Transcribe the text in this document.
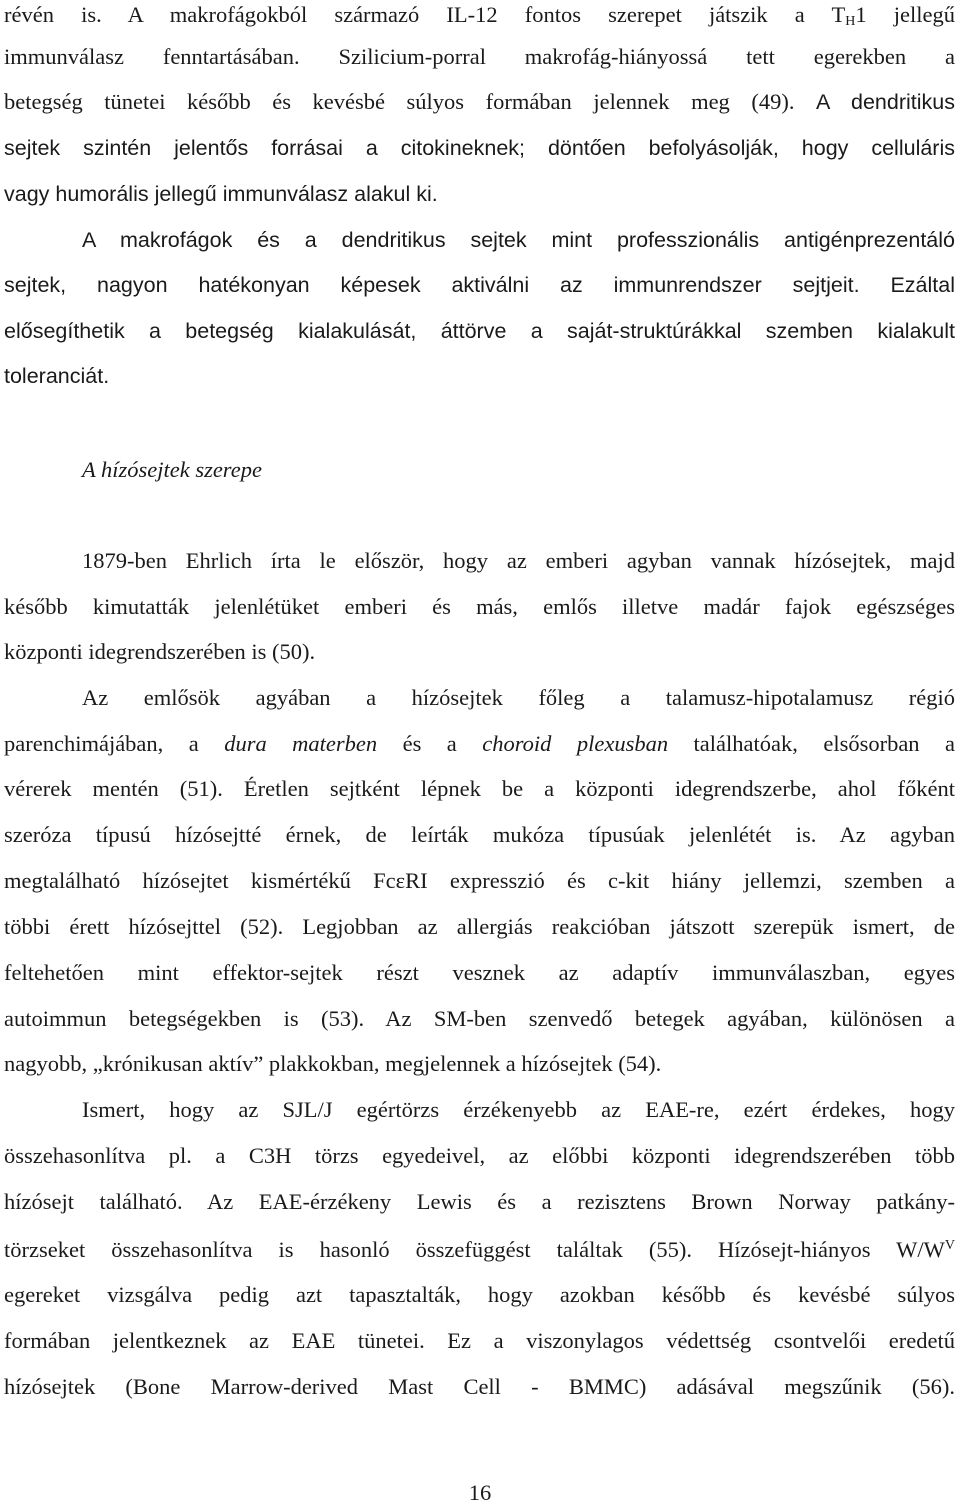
révén is. A makrofágokból származó IL-12 fontos szerepet játszik a $T_H1$ jellegű
immunválasz fenntartásában. Szilicium-porral makrofág-hiányossá tett egerekben a
betegség tünetei később és kevésbé súlyos formában jelennek meg (49). A dendritikus
sejtek szintén jelentős forrásai a citokineknek; döntően befolyásolják, hogy celluláris
vagy humorális jellegű immunválasz alakul ki.
A makrofágok és a dendritikus sejtek mint professzionális antigénprezentáló
sejtek, nagyon hatékonyan képesek aktiválni az immunrendszer sejtjeit. Ezáltal
elősegíthetik a betegség kialakulását, áttörve a saját-struktúrákkal szemben kialakult
toleranciát.
A hízósejtek szerepe
1879-ben Ehrlich írta le először, hogy az emberi agyban vannak hízósejtek, majd
később kimutatták jelenlétüket emberi és más, emlős illetve madár fajok egészséges
központi idegrendszerében is (50).
Az emlősök agyában a hízósejtek főleg a talamusz-hipotalamusz régió
parenchimájában, a dura materben és a choroid plexusban találhatóak, elsősorban a
vérerek mentén (51). Éretlen sejtként lépnek be a központi idegrendszerbe, ahol főként
szeróza típusú hízósejtté érnek, de leírták mukóza típusúak jelenlétét is. Az agyban
megtalálható hízósejtet kismértékű FcεRI expresszió és c-kit hiány jellemzi, szemben a
többi érett hízósejttel (52). Legjobban az allergiás reakcióban játszott szerepük ismert, de
feltehetően mint effektor-sejtek részt vesznek az adaptív immunválaszban, egyes
autoimmun betegségekben is (53). Az SM-ben szenvedő betegek agyában, különösen a
nagyobb, „krónikusan aktív” plakkokban, megjelennek a hízósejtek (54).
Ismert, hogy az SJL/J egértörzs érzékenyebb az EAE-re, ezért érdekes, hogy
összehasonlítva pl. a C3H törzs egyedeivel, az előbbi központi idegrendszerében több
hízósejt található. Az EAE-érzékeny Lewis és a rezisztens Brown Norway patkány-
törzseket összehasonlítva is hasonló összefüggést találtak (55). Hízósejt-hiányos $W/W^V$
egereket vizsgálva pedig azt tapasztalták, hogy azokban később és kevésbé súlyos
formában jelentkeznek az EAE tünetei. Ez a viszonylagos védettség csontvelői eredetű
hízósejtek (Bone Marrow-derived Mast Cell - BMMC) adásával megszűnik (56).
16
